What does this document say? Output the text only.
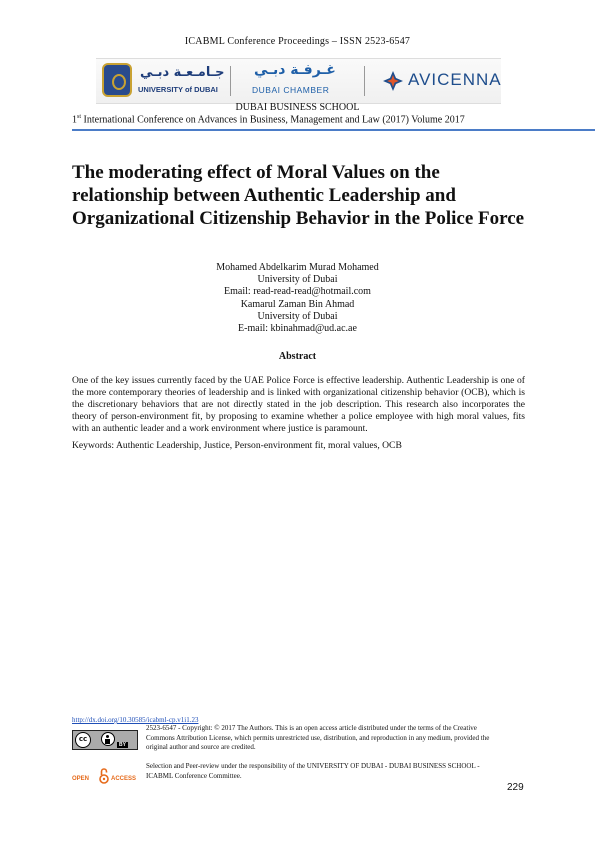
ICABML Conference Proceedings – ISSN 2523-6547
جـامـعـة دبـي
UNIVERSITY of DUBAI
غـرفـة دبـي
DUBAI CHAMBER
AVICENNA
DUBAI BUSINESS SCHOOL
1st International Conference on Advances in Business, Management and Law (2017) Volume 2017
The moderating effect of Moral Values on the relationship between Authentic Leadership and Organizational Citizenship Behavior in the Police Force
Mohamed Abdelkarim Murad Mohamed
University of Dubai
Email: read-read-read@hotmail.com
Kamarul Zaman Bin Ahmad
University of Dubai
E-mail: kbinahmad@ud.ac.ae
Abstract
One of the key issues currently faced by the UAE Police Force is effective leadership. Authentic Leadership is one of the more contemporary theories of leadership and is linked with organizational citizenship behavior (OCB), which is the discretionary behaviors that are not directly stated in the job description. This research also incorporates the theory of person-environment fit, by proposing to examine whether a police employee with high moral values, fits with an authentic leader and a work environment where justice is paramount.
Keywords: Authentic Leadership, Justice, Person-environment fit, moral values, OCB
http://dx.doi.org/10.30585/icabml-cp.v1i1.23
cc
BY
2523-6547 - Copyright: © 2017 The Authors. This is an open access article distributed under the terms of the Creative Commons Attribution License, which permits unrestricted use, distribution, and reproduction in any medium, provided the original author and source are credited.
OPEN	ACCESS
Selection and Peer-review under the responsibility of the UNIVERSITY OF DUBAI - DUBAI BUSINESS SCHOOL - ICABML Conference Committee.
229
